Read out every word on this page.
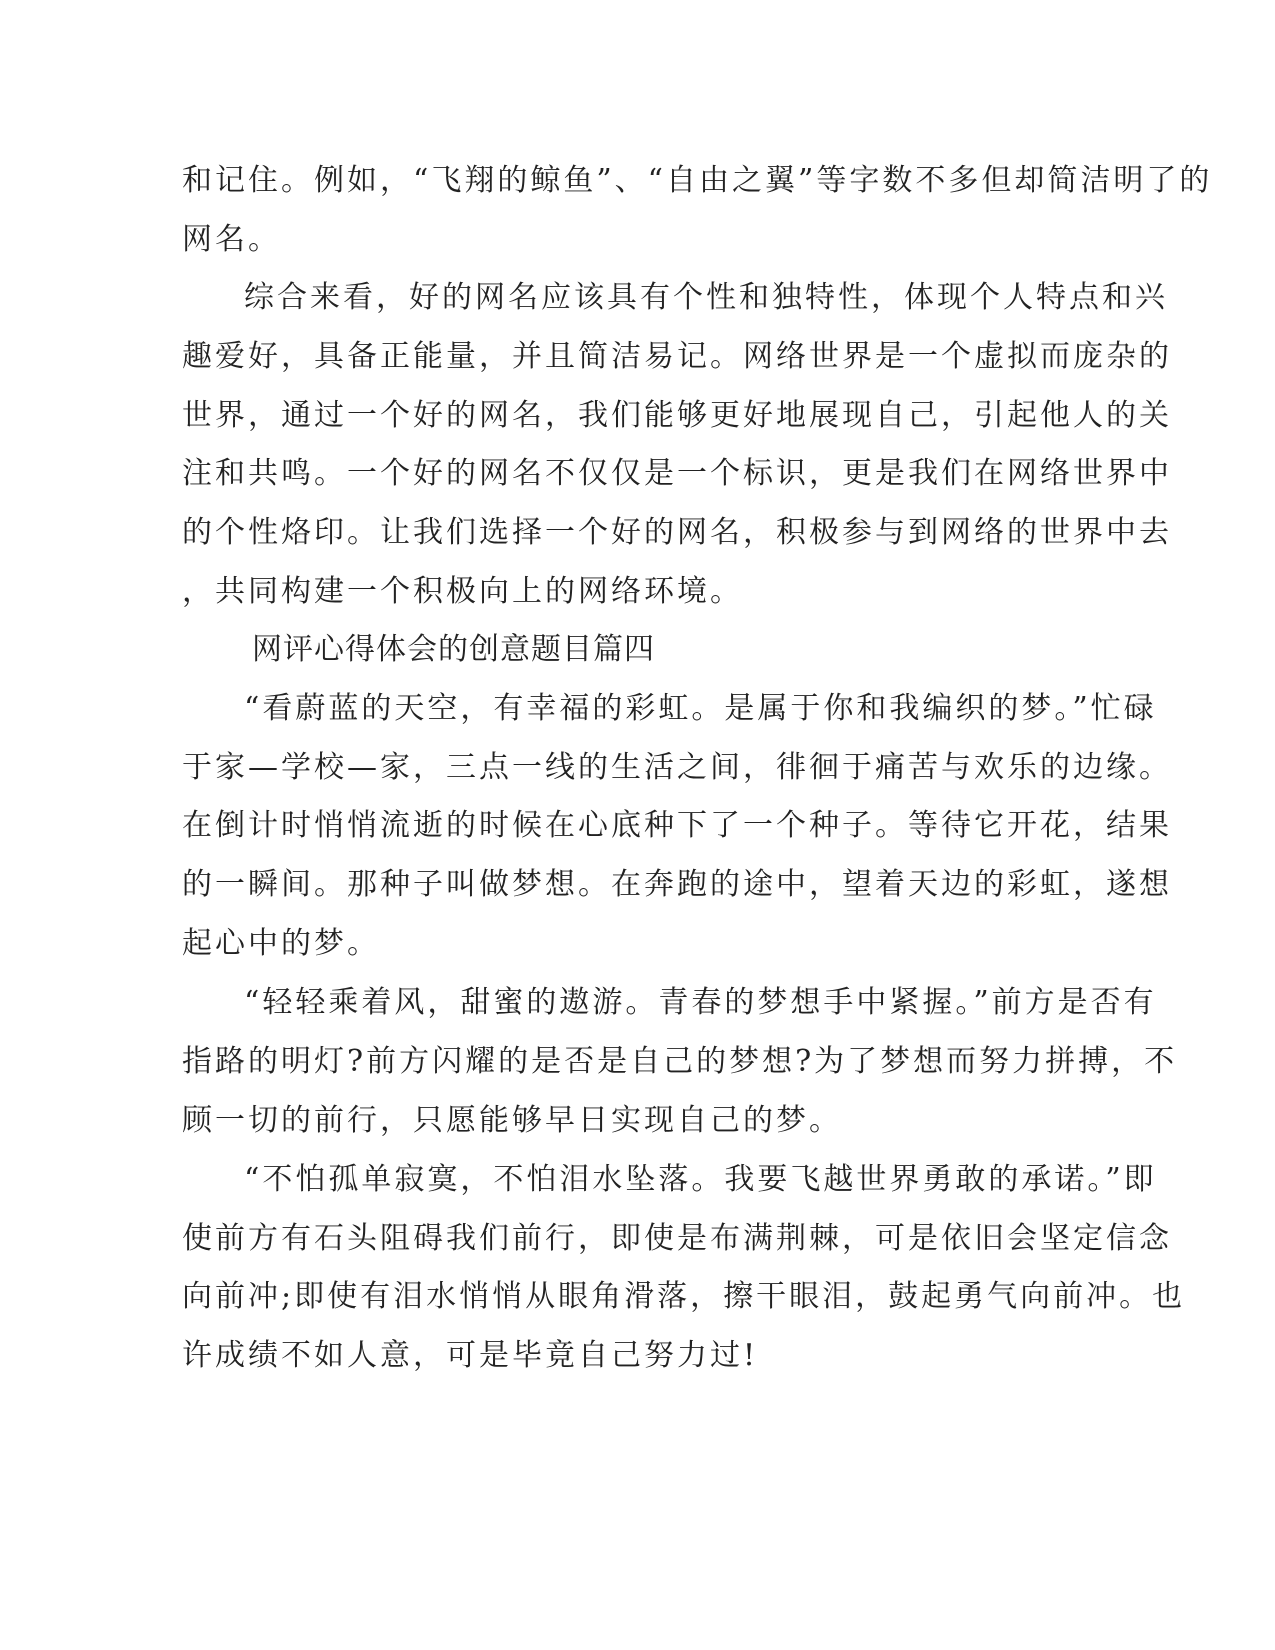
和记住。例如，“飞翔的鲸鱼”、“自由之翼”等字数不多但却简洁明了的
网名。
综合来看，好的网名应该具有个性和独特性，体现个人特点和兴
趣爱好，具备正能量，并且简洁易记。网络世界是一个虚拟而庞杂的
世界，通过一个好的网名，我们能够更好地展现自己，引起他人的关
注和共鸣。一个好的网名不仅仅是一个标识，更是我们在网络世界中
的个性烙印。让我们选择一个好的网名，积极参与到网络的世界中去
，共同构建一个积极向上的网络环境。
网评心得体会的创意题目篇四
“看蔚蓝的天空，有幸福的彩虹。是属于你和我编织的梦。”忙碌
于家—学校—家，三点一线的生活之间，徘徊于痛苦与欢乐的边缘。
在倒计时悄悄流逝的时候在心底种下了一个种子。等待它开花，结果
的一瞬间。那种子叫做梦想。在奔跑的途中，望着天边的彩虹，遂想
起心中的梦。
“轻轻乘着风，甜蜜的遨游。青春的梦想手中紧握。”前方是否有
指路的明灯?前方闪耀的是否是自己的梦想?为了梦想而努力拼搏，不
顾一切的前行，只愿能够早日实现自己的梦。
“不怕孤单寂寞，不怕泪水坠落。我要飞越世界勇敢的承诺。”即
使前方有石头阻碍我们前行，即使是布满荆棘，可是依旧会坚定信念
向前冲;即使有泪水悄悄从眼角滑落，擦干眼泪，鼓起勇气向前冲。也
许成绩不如人意，可是毕竟自己努力过!
